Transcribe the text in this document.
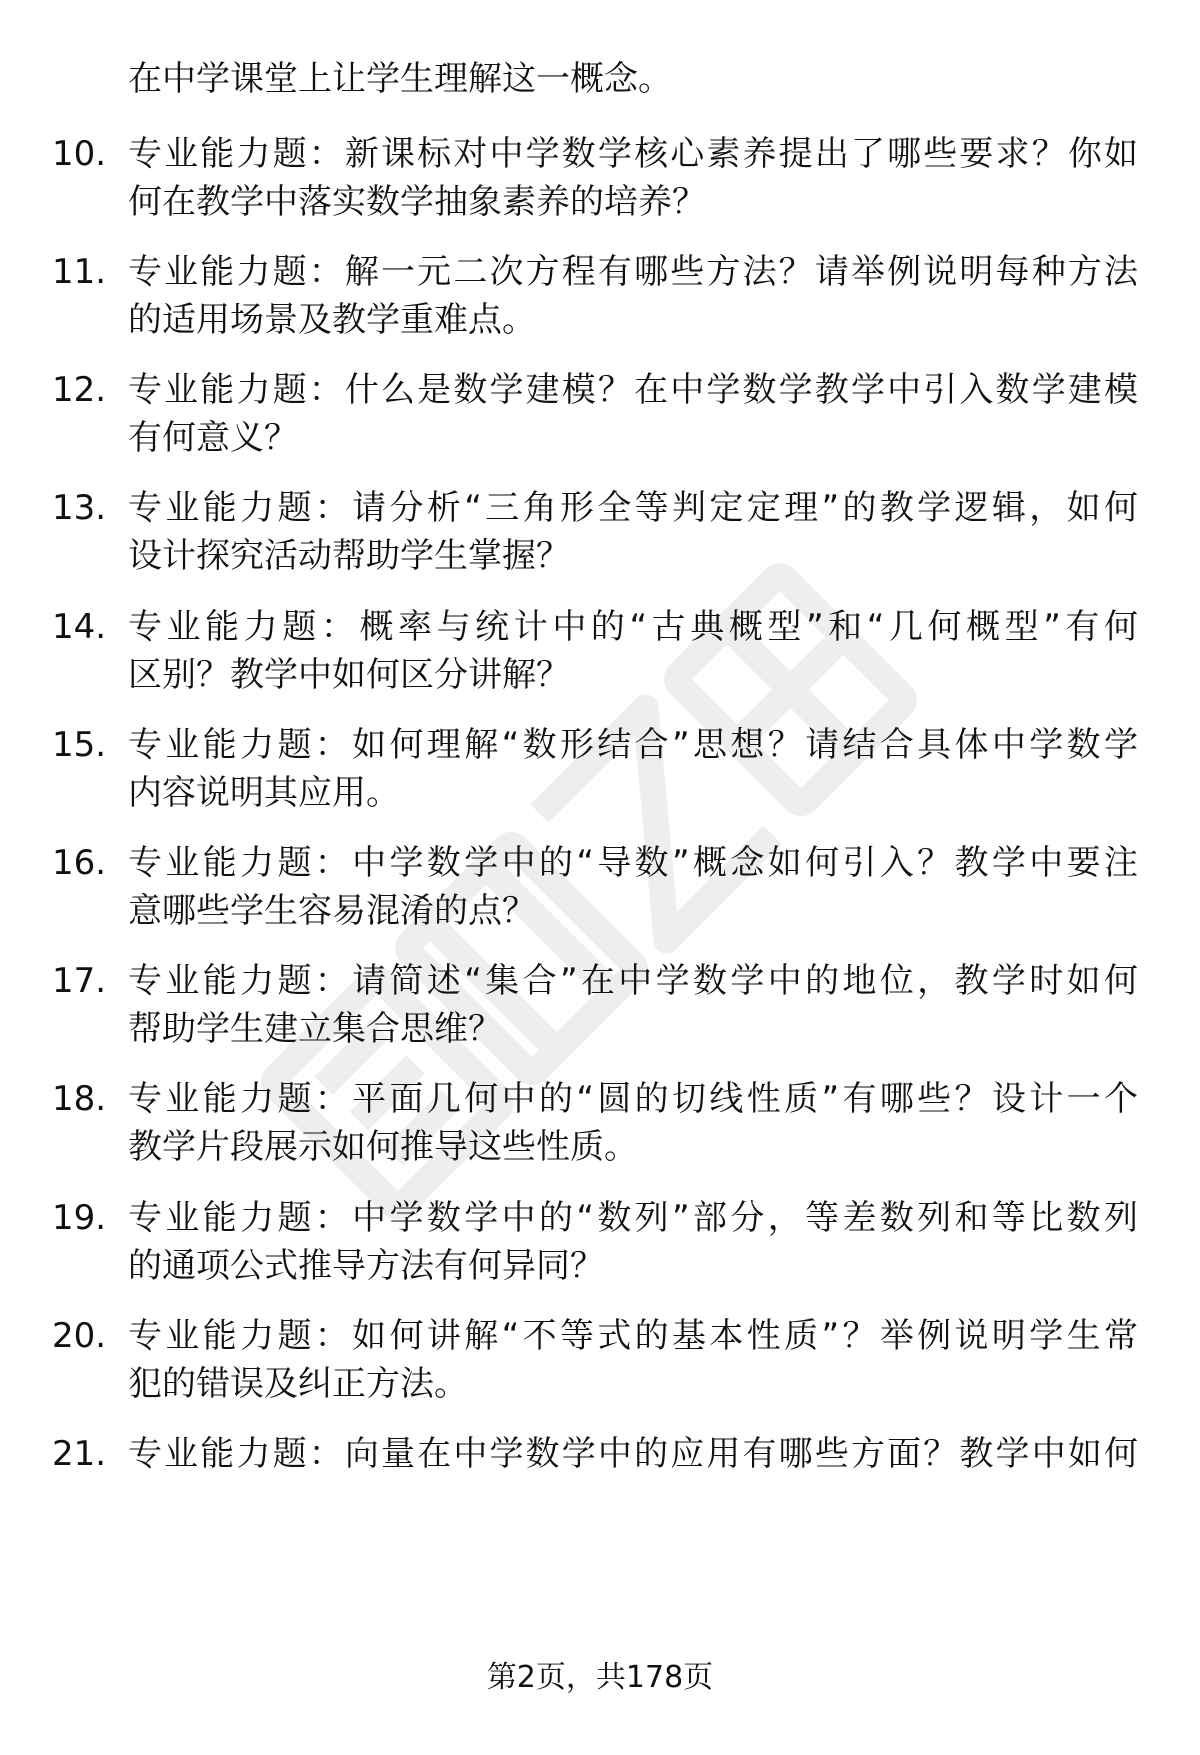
在中学课堂上让学生理解这一概念。
10. 专业能力题：新课标对中学数学核心素养提出了哪些要求？你如
何在教学中落实数学抽象素养的培养？
11. 专业能力题：解一元二次方程有哪些方法？请举例说明每种方法
的适用场景及教学重难点。
12. 专业能力题：什么是数学建模？在中学数学教学中引入数学建模
有何意义？
13. 专业能力题：请分析“三角形全等判定定理”的教学逻辑，如何
设计探究活动帮助学生掌握？
14. 专业能力题：概率与统计中的“古典概型”和“几何概型”有何
区别？教学中如何区分讲解？
15. 专业能力题：如何理解“数形结合”思想？请结合具体中学数学
内容说明其应用。
16. 专业能力题：中学数学中的“导数”概念如何引入？教学中要注
意哪些学生容易混淆的点？
17. 专业能力题：请简述“集合”在中学数学中的地位，教学时如何
帮助学生建立集合思维？
18. 专业能力题：平面几何中的“圆的切线性质”有哪些？设计一个
教学片段展示如何推导这些性质。
19. 专业能力题：中学数学中的“数列”部分，等差数列和等比数列
的通项公式推导方法有何异同？
20. 专业能力题：如何讲解“不等式的基本性质”？举例说明学生常
犯的错误及纠正方法。
21. 专业能力题：向量在中学数学中的应用有哪些方面？教学中如何
第2页，共178页
